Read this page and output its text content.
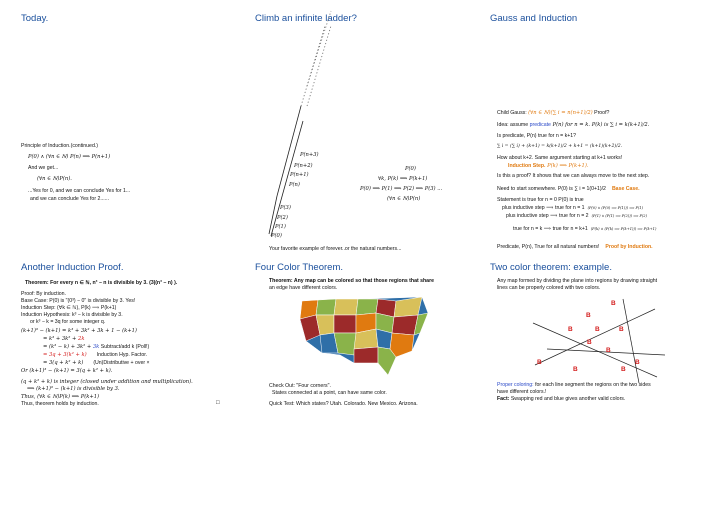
Today.
Principle of Induction.(continued.)
P(0) ∧ (∀n ∈ ℕ) P(n) ⟹ P(n+1)
And we get...
(∀n ∈ ℕ)P(n).
...Yes for 0, and we can conclude Yes for 1...
and we can conclude Yes for 2......
Climb an infinite ladder?
P(n+3)
P(n+2)
P(n+1)
P(n)
P(3)
P(2)
P(1)
P(0)
P(0)
∀k, P(k) ⟹ P(k+1)
P(0) ⟹ P(1) ⟹ P(2) ⟹ P(3) ...
(∀n ∈ ℕ)P(n)
Your favorite example of forever..or the natural numbers...
Gauss and Induction
Child Gauss: (∀n ∈ ℕ)(∑ i = n(n+1)/2) Proof?
Idea: assume predicate P(n) for n = k. P(k) is ∑ i = k(k+1)/2.
Is predicate, P(n) true for n = k+1?
∑ i = (∑ i) + (k+1) = k(k+1)/2 + k+1 = (k+1)(k+2)/2.
How about k+2. Same argument starting at k+1 works!
Induction Step. P(k) ⟹ P(k+1).
Is this a proof? It shows that we can always move to the next step.
Need to start somewhere. P(0) is ∑ i = 1(0+1)/2 Base Case.
Statement is true for n = 0 P(0) is true
plus inductive step ⟹ true for n = 1 (P(0) ∧ (P(0) ⟹ P(1))) ⟹ P(1)
plus inductive step ⟹ true for n = 2 (P(1) ∧ (P(1) ⟹ P(2))) ⟹ P(2)
true for n = k ⟹ true for n = k+1 (P(k) ∧ (P(k) ⟹ P(k+1))) ⟹ P(k+1)
Predicate, P(n), True for all natural numbers! Proof by Induction.
Another Induction Proof.
Theorem: For every n ∈ ℕ, n³ − n is divisible by 3. (3|(n³ − n) ).
Proof: By induction.
Base Case: P(0) is "(0³) − 0" is divisible by 3. Yes!
Induction Step: (∀k ∈ ℕ), P(k) ⟹ P(k+1)
Induction Hypothesis: k³ − k is divisible by 3.
or k³ − k = 3q for some integer q.
(k+1)³ − (k+1) = k³ + 3k² + 3k + 1 − (k+1)
= k³ + 3k² + 2k
= (k³ − k) + 3k² + 3k Subtract/add k (Poll!)
= 3q + 3(k² + k) Induction Hyp. Factor.
= 3(q + k² + k) (Un)Distributive + over ×
Or (k+1)³ − (k+1) = 3(q + k² + k).
(q + k² + k) is integer (closed under addition and multiplication).
⟹ (k+1)³ − (k+1) is divisible by 3.
Thus, (∀k ∈ ℕ)P(k) ⟹ P(k+1)
Thus, theorem holds by induction.	□
Four Color Theorem.
Theorem: Any map can be colored so that those regions that share
an edge have different colors.
Check Out: "Four corners".
States connected at a point, can have same color.
Quick Test: Which states? Utah. Colorado. New Mexico. Arizona.
Two color theorem: example.
Any map formed by dividing the plane into regions by drawing straight
lines can be properly colored with two colors.
B
B
B	B	B
B
B
B	B
B	B
Proper coloring: for each line segment the regions on the two sides
have different colors.!
Fact: Swapping red and blue gives another valid colors.
